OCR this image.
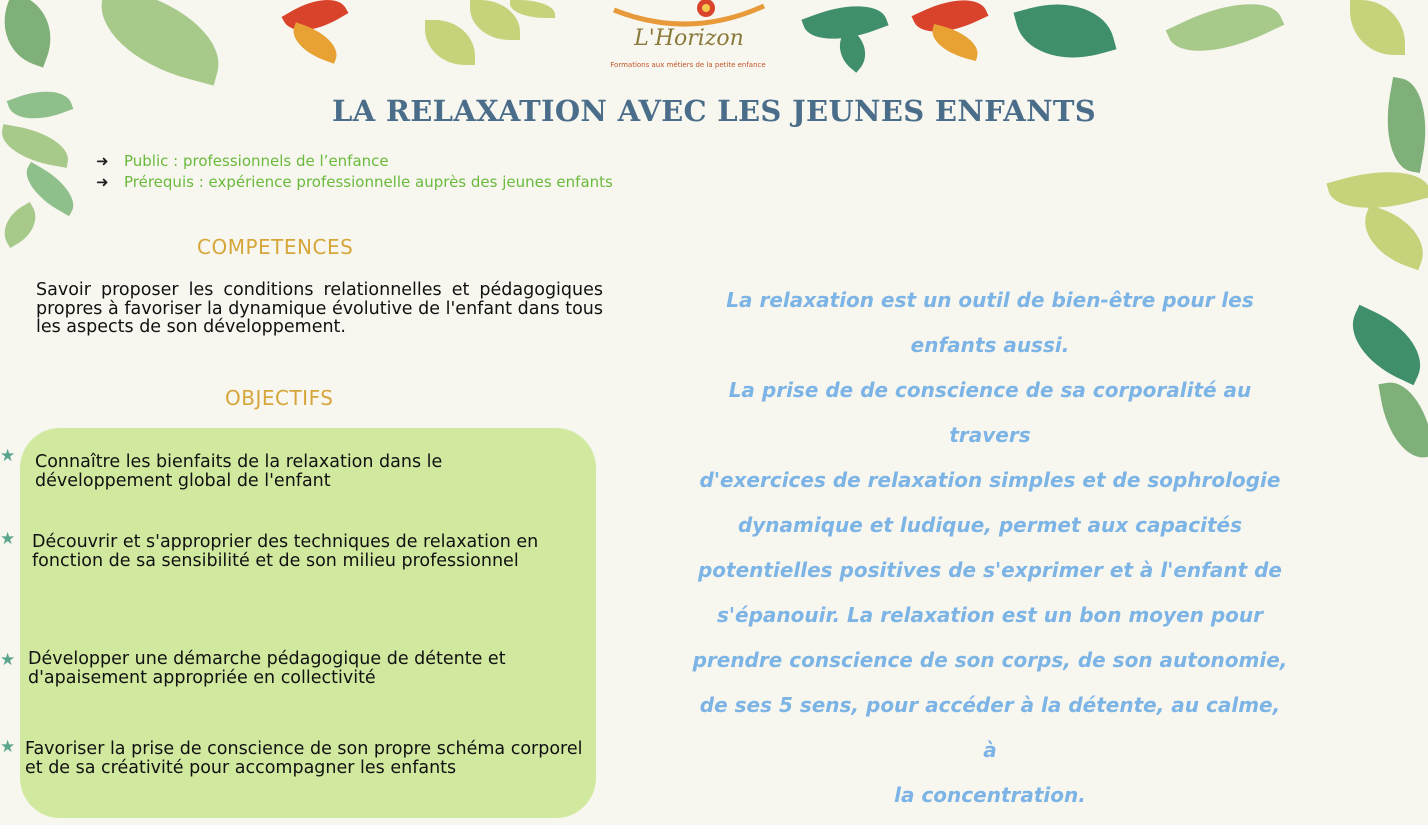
L'Horizon
Formations aux métiers de la petite enfance
LA RELAXATION AVEC LES JEUNES ENFANTS
➜ Public : professionnels de l’enfance
➜ Prérequis : expérience professionnelle auprès des jeunes enfants
COMPETENCES
Savoir proposer les conditions relationnelles et pédagogiques propres à favoriser la dynamique évolutive de l'enfant dans tous les aspects de son développement.
OBJECTIFS
★ Connaître les bienfaits de la relaxation dans le développement global de l'enfant
★ Découvrir et s'approprier des techniques de relaxation en fonction de sa sensibilité et de son milieu professionnel
★ Développer une démarche pédagogique de détente et d'apaisement appropriée en collectivité
★ Favoriser la prise de conscience de son propre schéma corporel et de sa créativité pour accompagner les enfants
La relaxation est un outil de bien-être pour les
enfants aussi.
La prise de de conscience de sa corporalité au travers
d'exercices de relaxation simples et de sophrologie
dynamique et ludique, permet aux capacités
potentielles positives de s'exprimer et à l'enfant de
s'épanouir. La relaxation est un bon moyen pour
prendre conscience de son corps, de son autonomie,
de ses 5 sens, pour accéder à la détente, au calme, à
la concentration.
